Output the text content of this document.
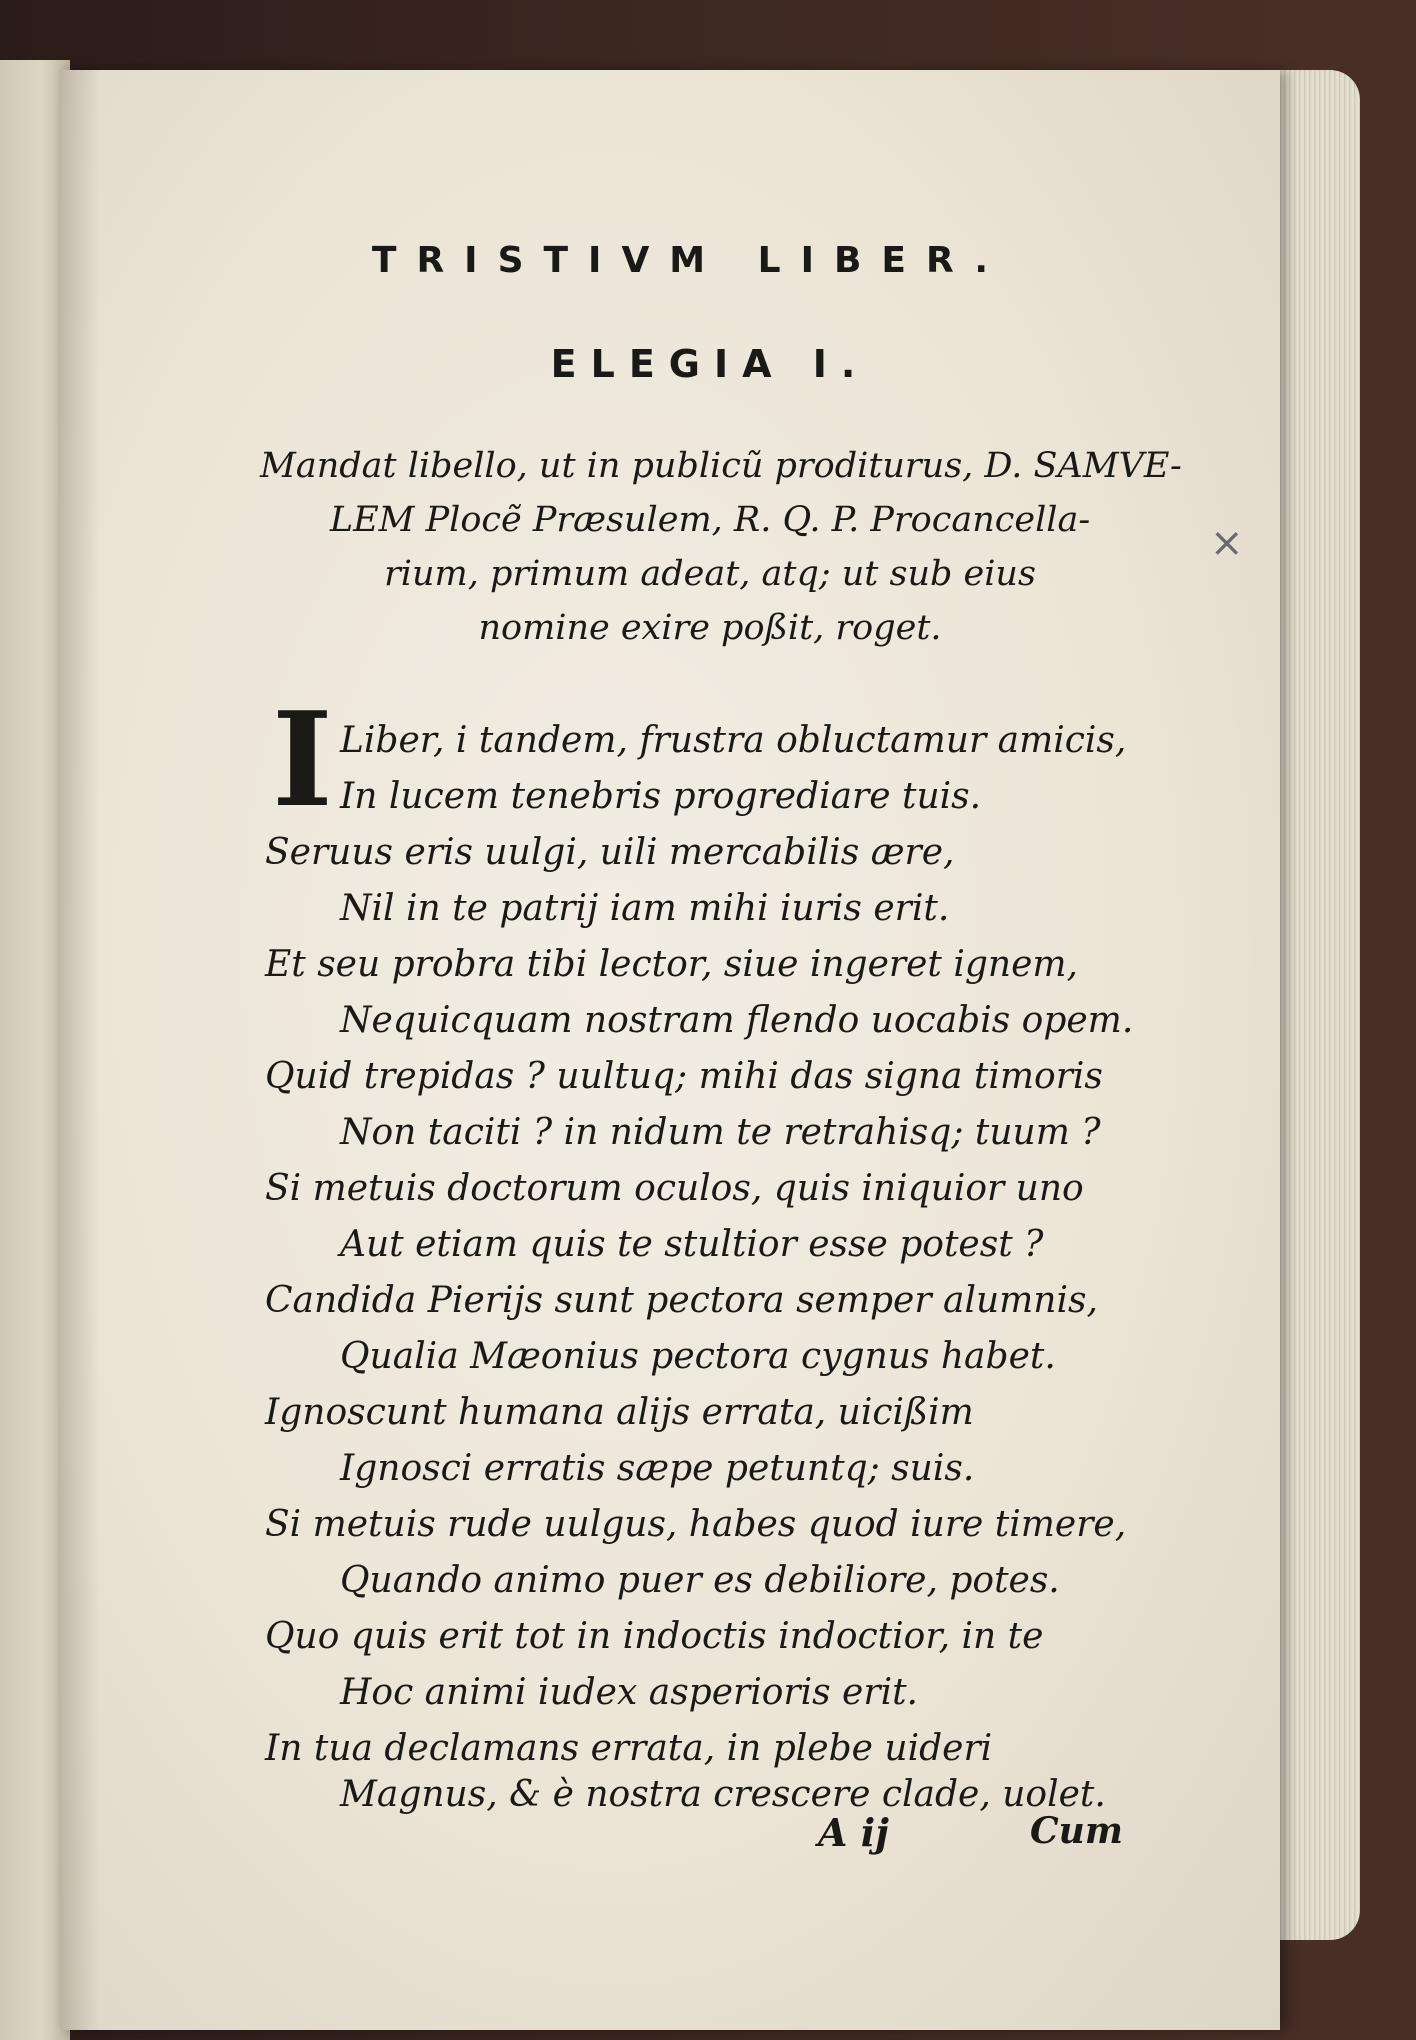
TRISTIVM LIBER.
ELEGIA I.
Mandat libello, ut in publicũ proditurus, D. SAMVE-
LEM Plocẽ Præsulem, R. Q. P. Procancella-
rium, primum adeat, atq; ut sub eius
nomine exire poßit, roget.
I Liber, i tandem, frustra obluctamur amicis,
In lucem tenebris progrediare tuis.
Seruus eris uulgi, uili mercabilis ære,
Nil in te patrij iam mihi iuris erit.
Et seu probra tibi lector, siue ingeret ignem,
Nequicquam nostram flendo uocabis opem.
Quid trepidas ? uultuq; mihi das signa timoris
Non taciti ? in nidum te retrahisq; tuum ?
Si metuis doctorum oculos, quis iniquior uno
Aut etiam quis te stultior esse potest ?
Candida Pierijs sunt pectora semper alumnis,
Qualia Mæonius pectora cygnus habet.
Ignoscunt humana alijs errata, uicißim
Ignosci erratis sæpe petuntq; suis.
Si metuis rude uulgus, habes quod iure timere,
Quando animo puer es debiliore, potes.
Quo quis erit tot in indoctis indoctior, in te
Hoc animi iudex asperioris erit.
In tua declamans errata, in plebe uideri
Magnus, & è nostra crescere clade, uolet.
A ij	Cum
×
